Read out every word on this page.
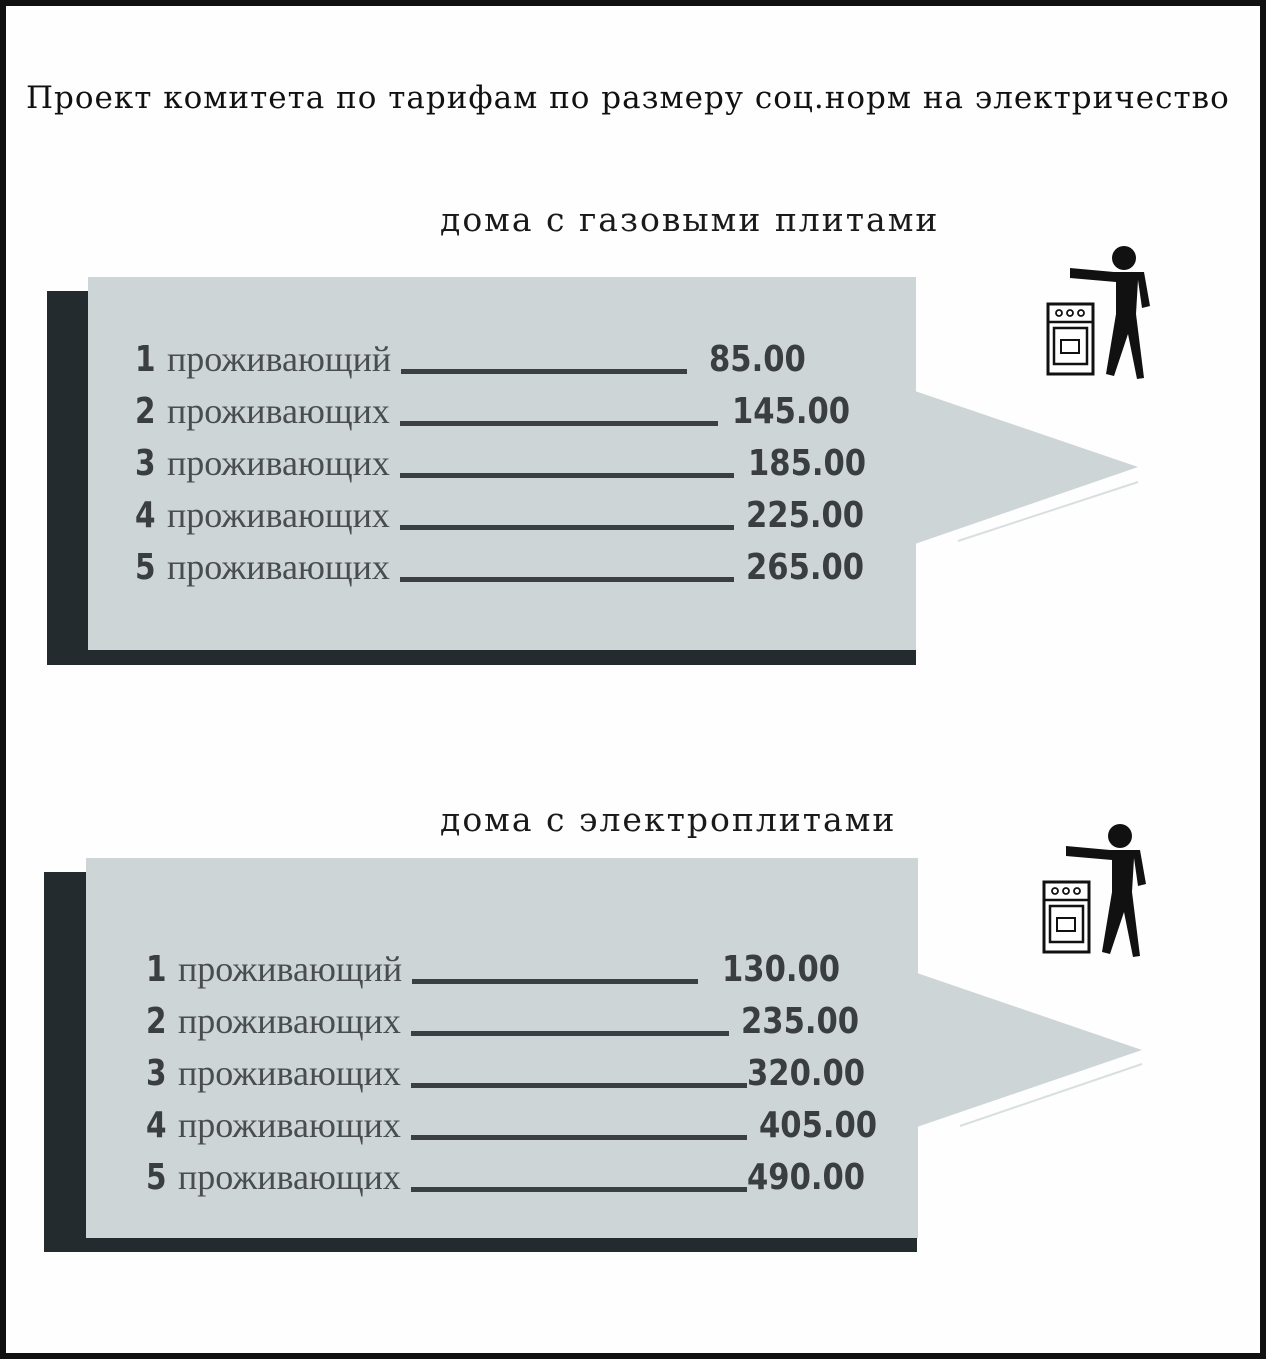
Проект комитета по тарифам по размеру соц.норм на электричество
дома с газовыми плитами
1 проживающий	85.00
2 проживающих	145.00
3 проживающих	185.00
4 проживающих	225.00
5 проживающих	265.00
дома с электроплитами
1 проживающий	130.00
2 проживающих	235.00
3 проживающих	320.00
4 проживающих	405.00
5 проживающих	490.00
